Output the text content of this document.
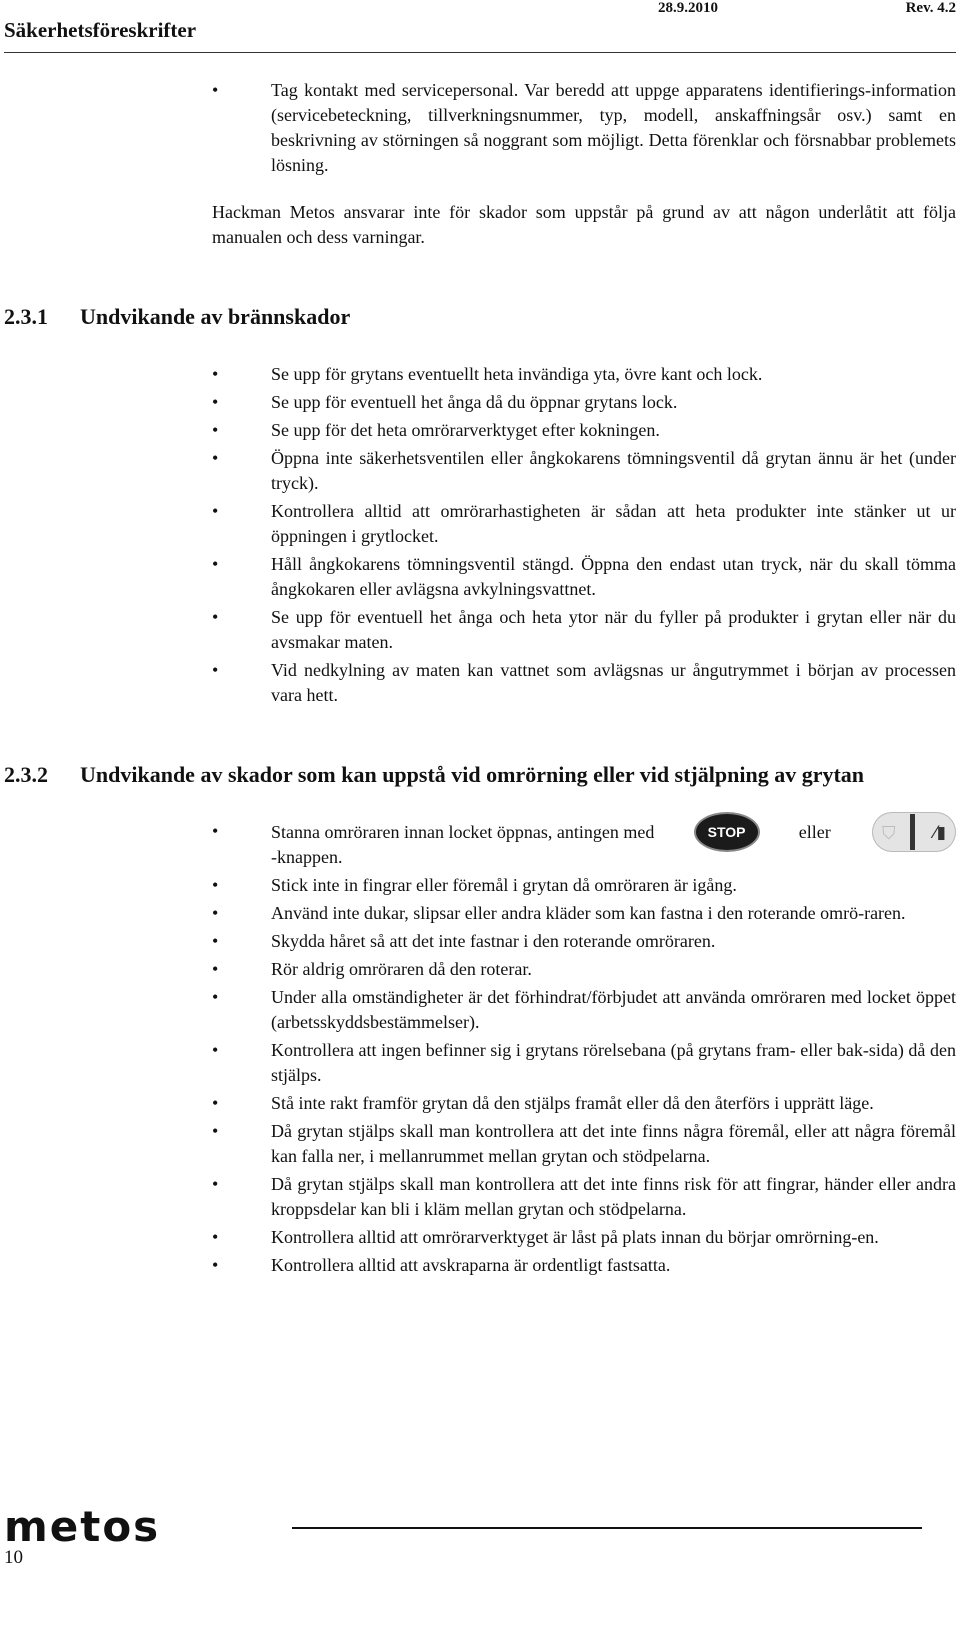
Säkerhetsföreskrifter
28.9.2010	Rev. 4.2
•	Tag kontakt med servicepersonal. Var beredd att uppge apparatens identifierings-information (servicebeteckning, tillverkningsnummer, typ, modell, anskaffningsår osv.) samt en beskrivning av störningen så noggrant som möjligt. Detta förenklar och försnabbar problemets lösning.
Hackman Metos ansvarar inte för skador som uppstår på grund av att någon underlåtit att följa manualen och dess varningar.
2.3.1 Undvikande av brännskador
•	Se upp för grytans eventuellt heta invändiga yta, övre kant och lock.
•	Se upp för eventuell het ånga då du öppnar grytans lock.
•	Se upp för det heta omrörarverktyget efter kokningen.
•	Öppna inte säkerhetsventilen eller ångkokarens tömningsventil då grytan ännu är het (under tryck).
•	Kontrollera alltid att omrörarhastigheten är sådan att heta produkter inte stänker ut ur öppningen i grytlocket.
•	Håll ångkokarens tömningsventil stängd. Öppna den endast utan tryck, när du skall tömma ångkokaren eller avlägsna avkylningsvattnet.
•	Se upp för eventuell het ånga och heta ytor när du fyller på produkter i grytan eller när du avsmakar maten.
•	Vid nedkylning av maten kan vattnet som avlägsnas ur ångutrymmet i början av processen vara hett.
2.3.2 Undvikande av skador som kan uppstå vid omrörning eller vid stjälpning av grytan
•	Stanna omröraren innan locket öppnas, antingen med	STOP	eller	⛉ ⁄▮
-knappen.
•	Stick inte in fingrar eller föremål i grytan då omröraren är igång.
•	Använd inte dukar, slipsar eller andra kläder som kan fastna i den roterande omrö-raren.
•	Skydda håret så att det inte fastnar i den roterande omröraren.
•	Rör aldrig omröraren då den roterar.
•	Under alla omständigheter är det förhindrat/förbjudet att använda omröraren med locket öppet (arbetsskyddsbestämmelser).
•	Kontrollera att ingen befinner sig i grytans rörelsebana (på grytans fram- eller bak-sida) då den stjälps.
•	Stå inte rakt framför grytan då den stjälps framåt eller då den återförs i upprätt läge.
•	Då grytan stjälps skall man kontrollera att det inte finns några föremål, eller att några föremål kan falla ner, i mellanrummet mellan grytan och stödpelarna.
•	Då grytan stjälps skall man kontrollera att det inte finns risk för att fingrar, händer eller andra kroppsdelar kan bli i kläm mellan grytan och stödpelarna.
•	Kontrollera alltid att omrörarverktyget är låst på plats innan du börjar omrörning-en.
•	Kontrollera alltid att avskraparna är ordentligt fastsatta.
metos
10
